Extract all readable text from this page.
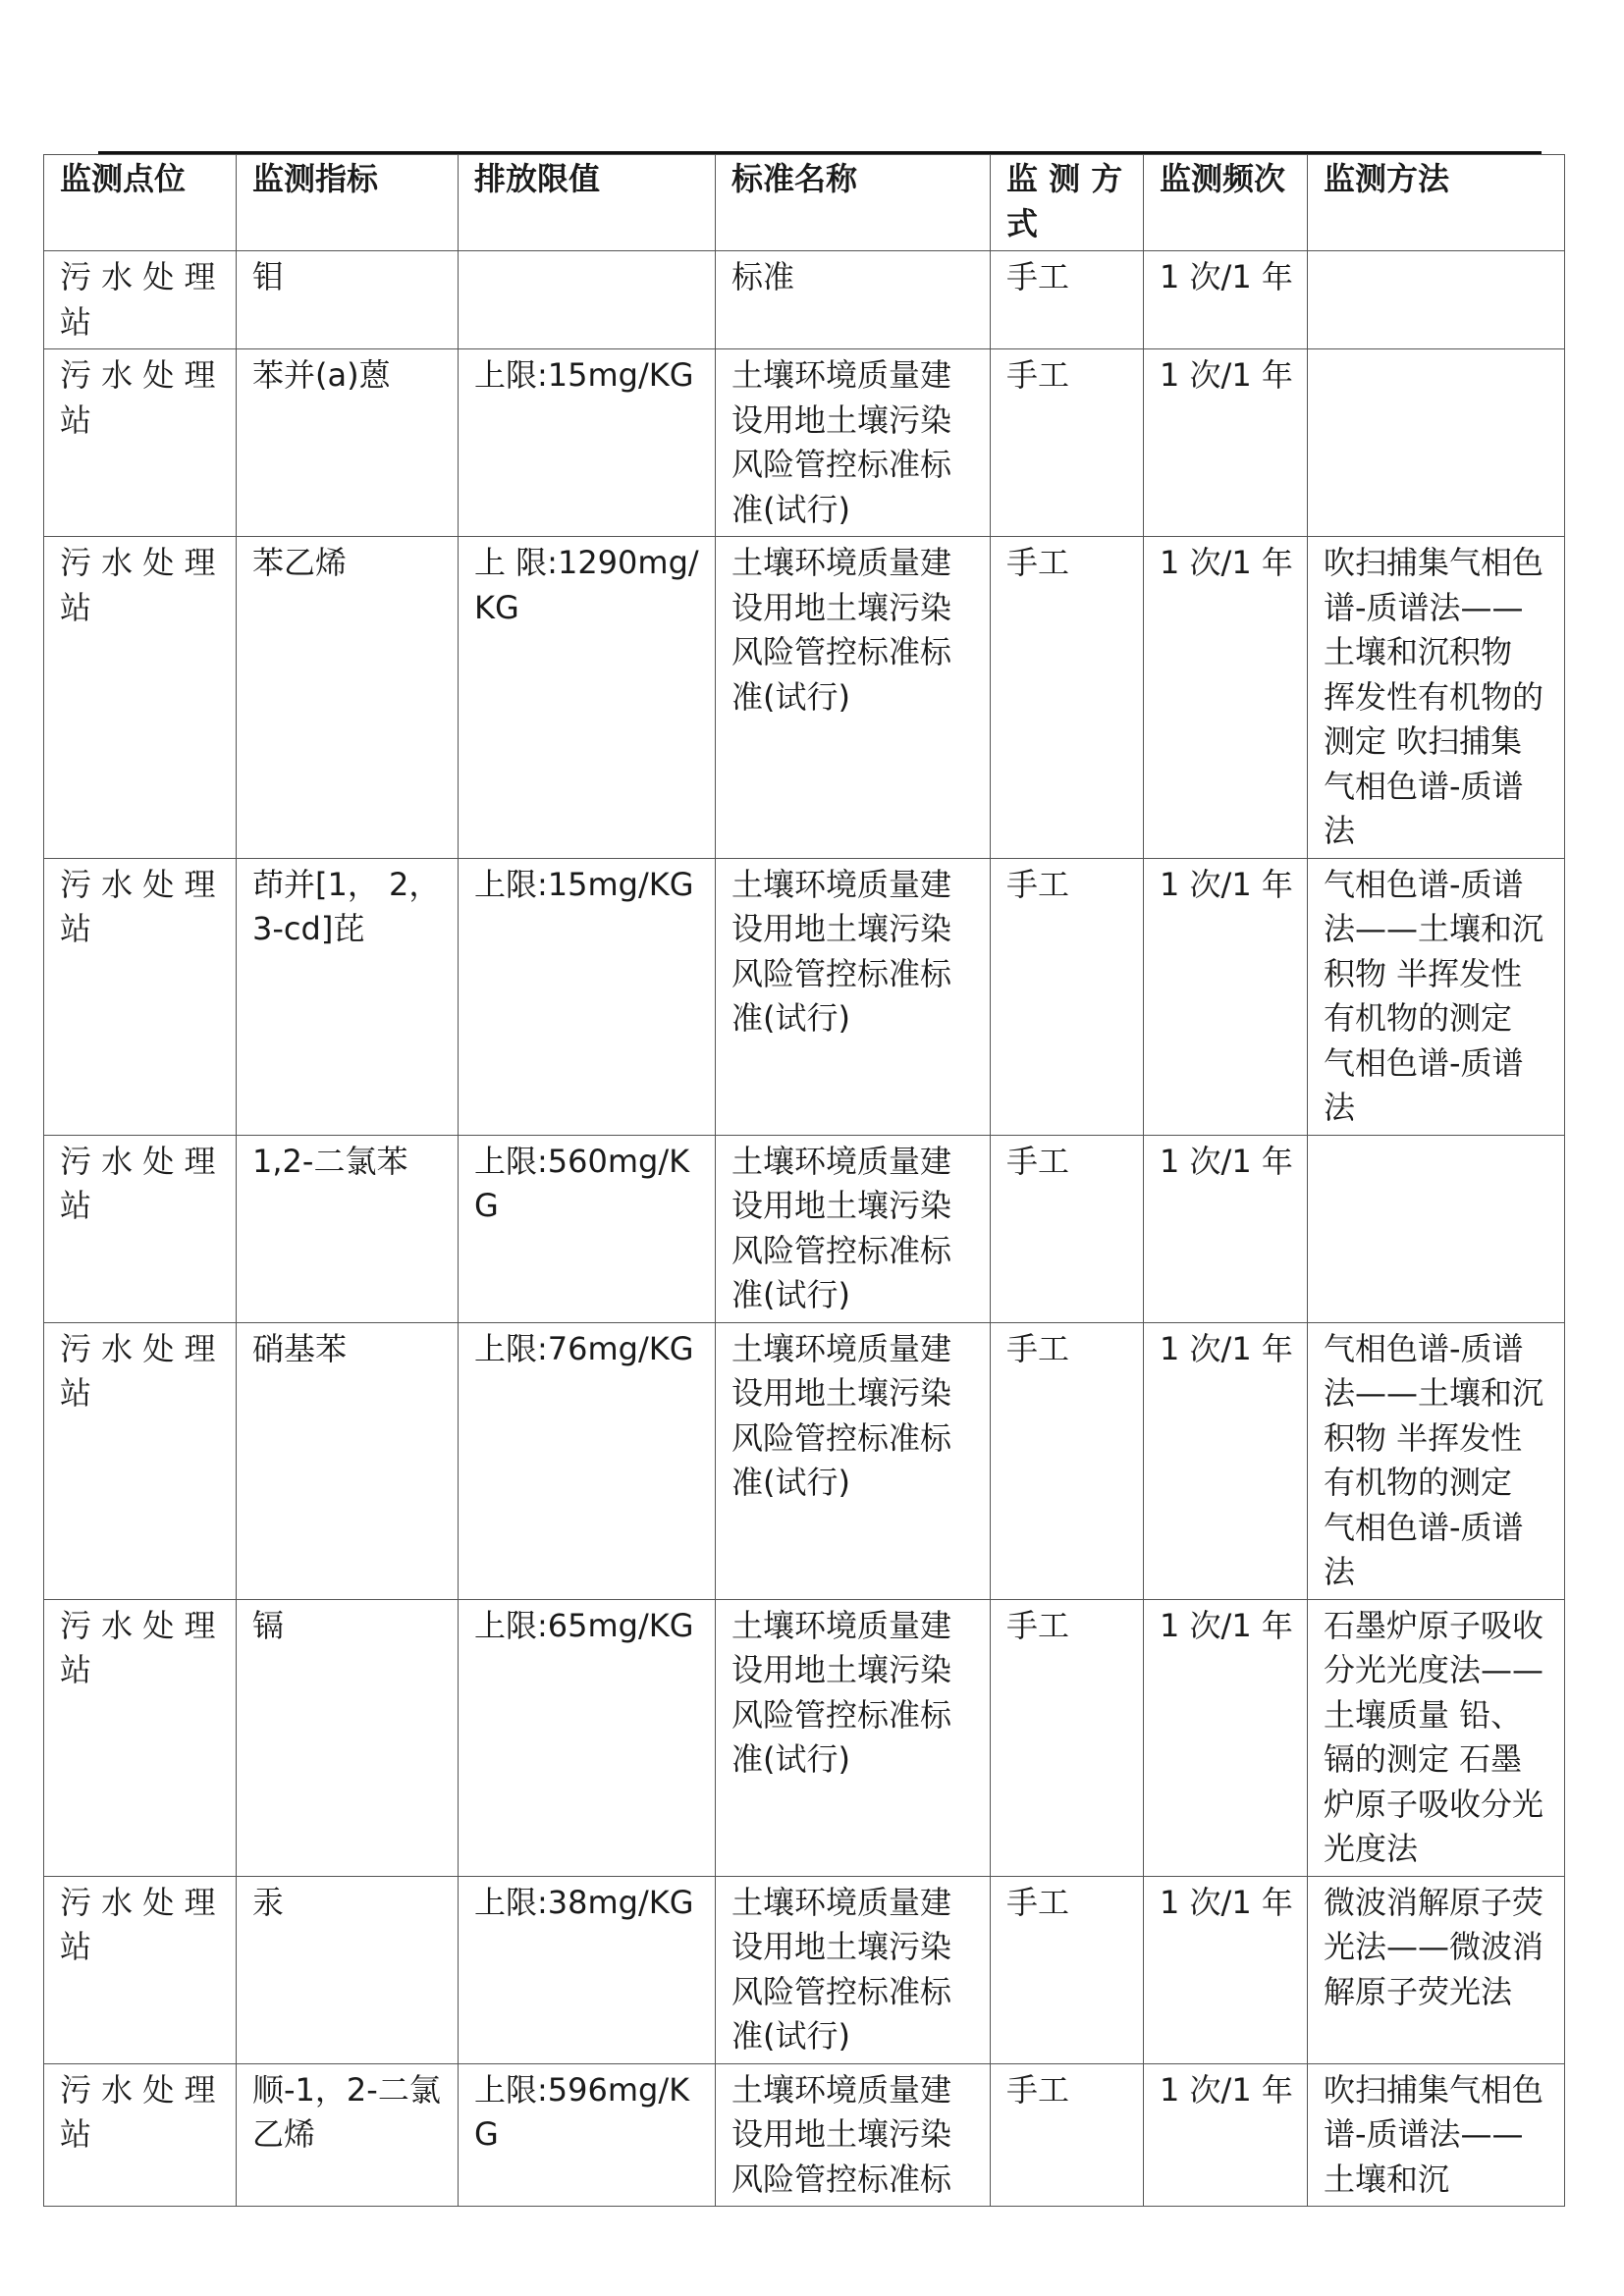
监测点位	监测指标	排放限值	标准名称	监 测 方式	监测频次	监测方法
污 水 处 理站	钼		标准	手工	1 次/1 年	
污 水 处 理站	苯并(a)蒽	上限:15mg/KG	土壤环境质量建设用地土壤污染风险管控标准标准(试行)	手工	1 次/1 年	
污 水 处 理站	苯乙烯	上 限:1290mg/KG	土壤环境质量建设用地土壤污染风险管控标准标准(试行)	手工	1 次/1 年	吹扫捕集气相色谱-质谱法——土壤和沉积物 挥发性有机物的测定 吹扫捕集气相色谱-质谱法
污 水 处 理站	茚并[1， 2，3-cd]芘	上限:15mg/KG	土壤环境质量建设用地土壤污染风险管控标准标准(试行)	手工	1 次/1 年	气相色谱-质谱法——土壤和沉积物 半挥发性有机物的测定 气相色谱-质谱法
污 水 处 理站	1,2-二氯苯	上限:560mg/KG	土壤环境质量建设用地土壤污染风险管控标准标准(试行)	手工	1 次/1 年	
污 水 处 理站	硝基苯	上限:76mg/KG	土壤环境质量建设用地土壤污染风险管控标准标准(试行)	手工	1 次/1 年	气相色谱-质谱法——土壤和沉积物 半挥发性有机物的测定 气相色谱-质谱法
污 水 处 理站	镉	上限:65mg/KG	土壤环境质量建设用地土壤污染风险管控标准标准(试行)	手工	1 次/1 年	石墨炉原子吸收分光光度法——土壤质量 铅、镉的测定 石墨炉原子吸收分光光度法
污 水 处 理站	汞	上限:38mg/KG	土壤环境质量建设用地土壤污染风险管控标准标准(试行)	手工	1 次/1 年	微波消解原子荧光法——微波消解原子荧光法
污 水 处 理站	顺-1，2-二氯乙烯	上限:596mg/KG	土壤环境质量建设用地土壤污染风险管控标准标	手工	1 次/1 年	吹扫捕集气相色谱-质谱法——土壤和沉
